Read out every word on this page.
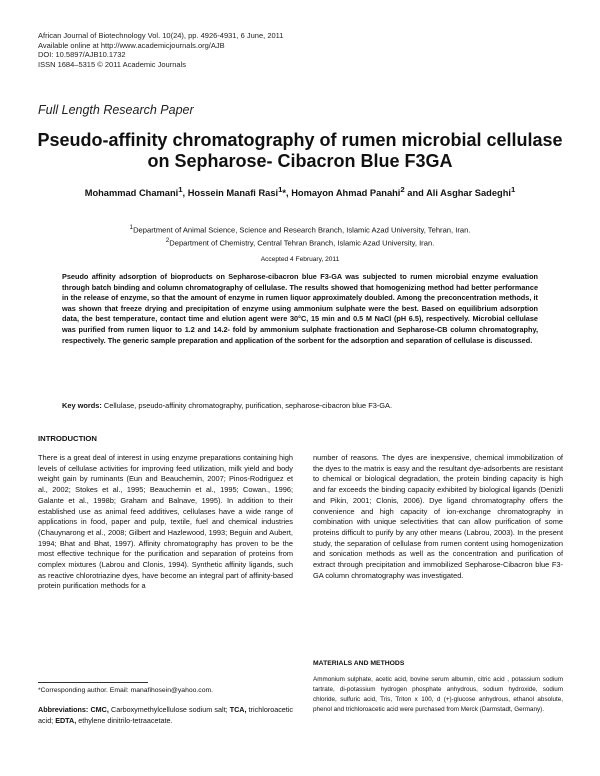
African Journal of Biotechnology Vol. 10(24), pp. 4926-4931, 6 June, 2011
Available online at http://www.academicjournals.org/AJB
DOI: 10.5897/AJB10.1732
ISSN 1684–5315 © 2011 Academic Journals
Full Length Research Paper
Pseudo-affinity chromatography of rumen microbial cellulase on Sepharose- Cibacron Blue F3GA
Mohammad Chamani$^1$, Hossein Manafi Rasi$^1$*, Homayon Ahmad Panahi$^2$ and Ali Asghar Sadeghi$^1$
$^1$Department of Animal Science, Science and Research Branch, Islamic Azad University, Tehran, Iran.
$^2$Department of Chemistry, Central Tehran Branch, Islamic Azad University, Iran.
Accepted 4 February, 2011
Pseudo affinity adsorption of bioproducts on Sepharose-cibacron blue F3-GA was subjected to rumen microbial enzyme evaluation through batch binding and column chromatography of cellulase. The results showed that homogenizing method had better performance in the release of enzyme, so that the amount of enzyme in rumen liquor approximately doubled. Among the preconcentration methods, it was shown that freeze drying and precipitation of enzyme using ammonium sulphate were the best. Based on equilibrium adsorption data, the best temperature, contact time and elution agent were 30°C, 15 min and 0.5 M NaCl (pH 6.5), respectively. Microbial cellulase was purified from rumen liquor to 1.2 and 14.2- fold by ammonium sulphate fractionation and Sepharose-CB column chromatography, respectively. The generic sample preparation and application of the sorbent for the adsorption and separation of cellulase is discussed.
Key words: Cellulase, pseudo-affinity chromatography, purification, sepharose-cibacron blue F3-GA.
INTRODUCTION
There is a great deal of interest in using enzyme preparations containing high levels of cellulase activities for improving feed utilization, milk yield and body weight gain by ruminants (Eun and Beauchemin, 2007; Pinos-Rodriguez et al., 2002; Stokes et al., 1995; Beauchemin et al., 1995; Cowan., 1996; Galante et al., 1998b; Graham and Balnave, 1995). In addition to their established use as animal feed additives, cellulases have a wide range of applications in food, paper and pulp, textile, fuel and chemical industries (Chauynarong et al., 2008; Gilbert and Hazlewood, 1993; Beguin and Aubert, 1994; Bhat and Bhat, 1997). Affinity chromatography has proven to be the most effective technique for the purification and separation of proteins from complex mixtures (Labrou and Clonis, 1994). Synthetic affinity ligands, such as reactive chlorotriazine dyes, have become an integral part of affinity-based protein purification methods for a
number of reasons. The dyes are inexpensive, chemical immobilization of the dyes to the matrix is easy and the resultant dye-adsorbents are resistant to chemical or biological degradation, the protein binding capacity is high and far exceeds the binding capacity exhibited by biological ligands (Denizli and Pikin, 2001; Clonis, 2006). Dye ligand chromatography offers the convenience and high capacity of ion-exchange chromatography in combination with unique selectivities that can allow purification of some proteins difficult to purify by any other means (Labrou, 2003). In the present study, the separation of cellulase from rumen content using homogenization and sonication methods as well as the concentration and purification of extract through precipitation and immobilized Sepharose-Cibacron blue F3-GA column chromatography was investigated.
MATERIALS AND METHODS
Ammonium sulphate, acetic acid, bovine serum albumin, citric acid , potassium sodium tartrate, di-potassium hydrogen phosphate anhydrous, sodium hydroxide, sodium chloride, sulfuric acid, Tris, Triton x 100, d (+)-glucose anhydrous, ethanol absolute, phenol and trichloroacetic acid were purchased from Merck (Darmstadt, Germany).
*Corresponding author. Email: manafihosein@yahoo.com.
Abbreviations: CMC, Carboxymethylcellulose sodium salt; TCA, trichloroacetic acid; EDTA, ethylene dinitrilo-tetraacetate.
